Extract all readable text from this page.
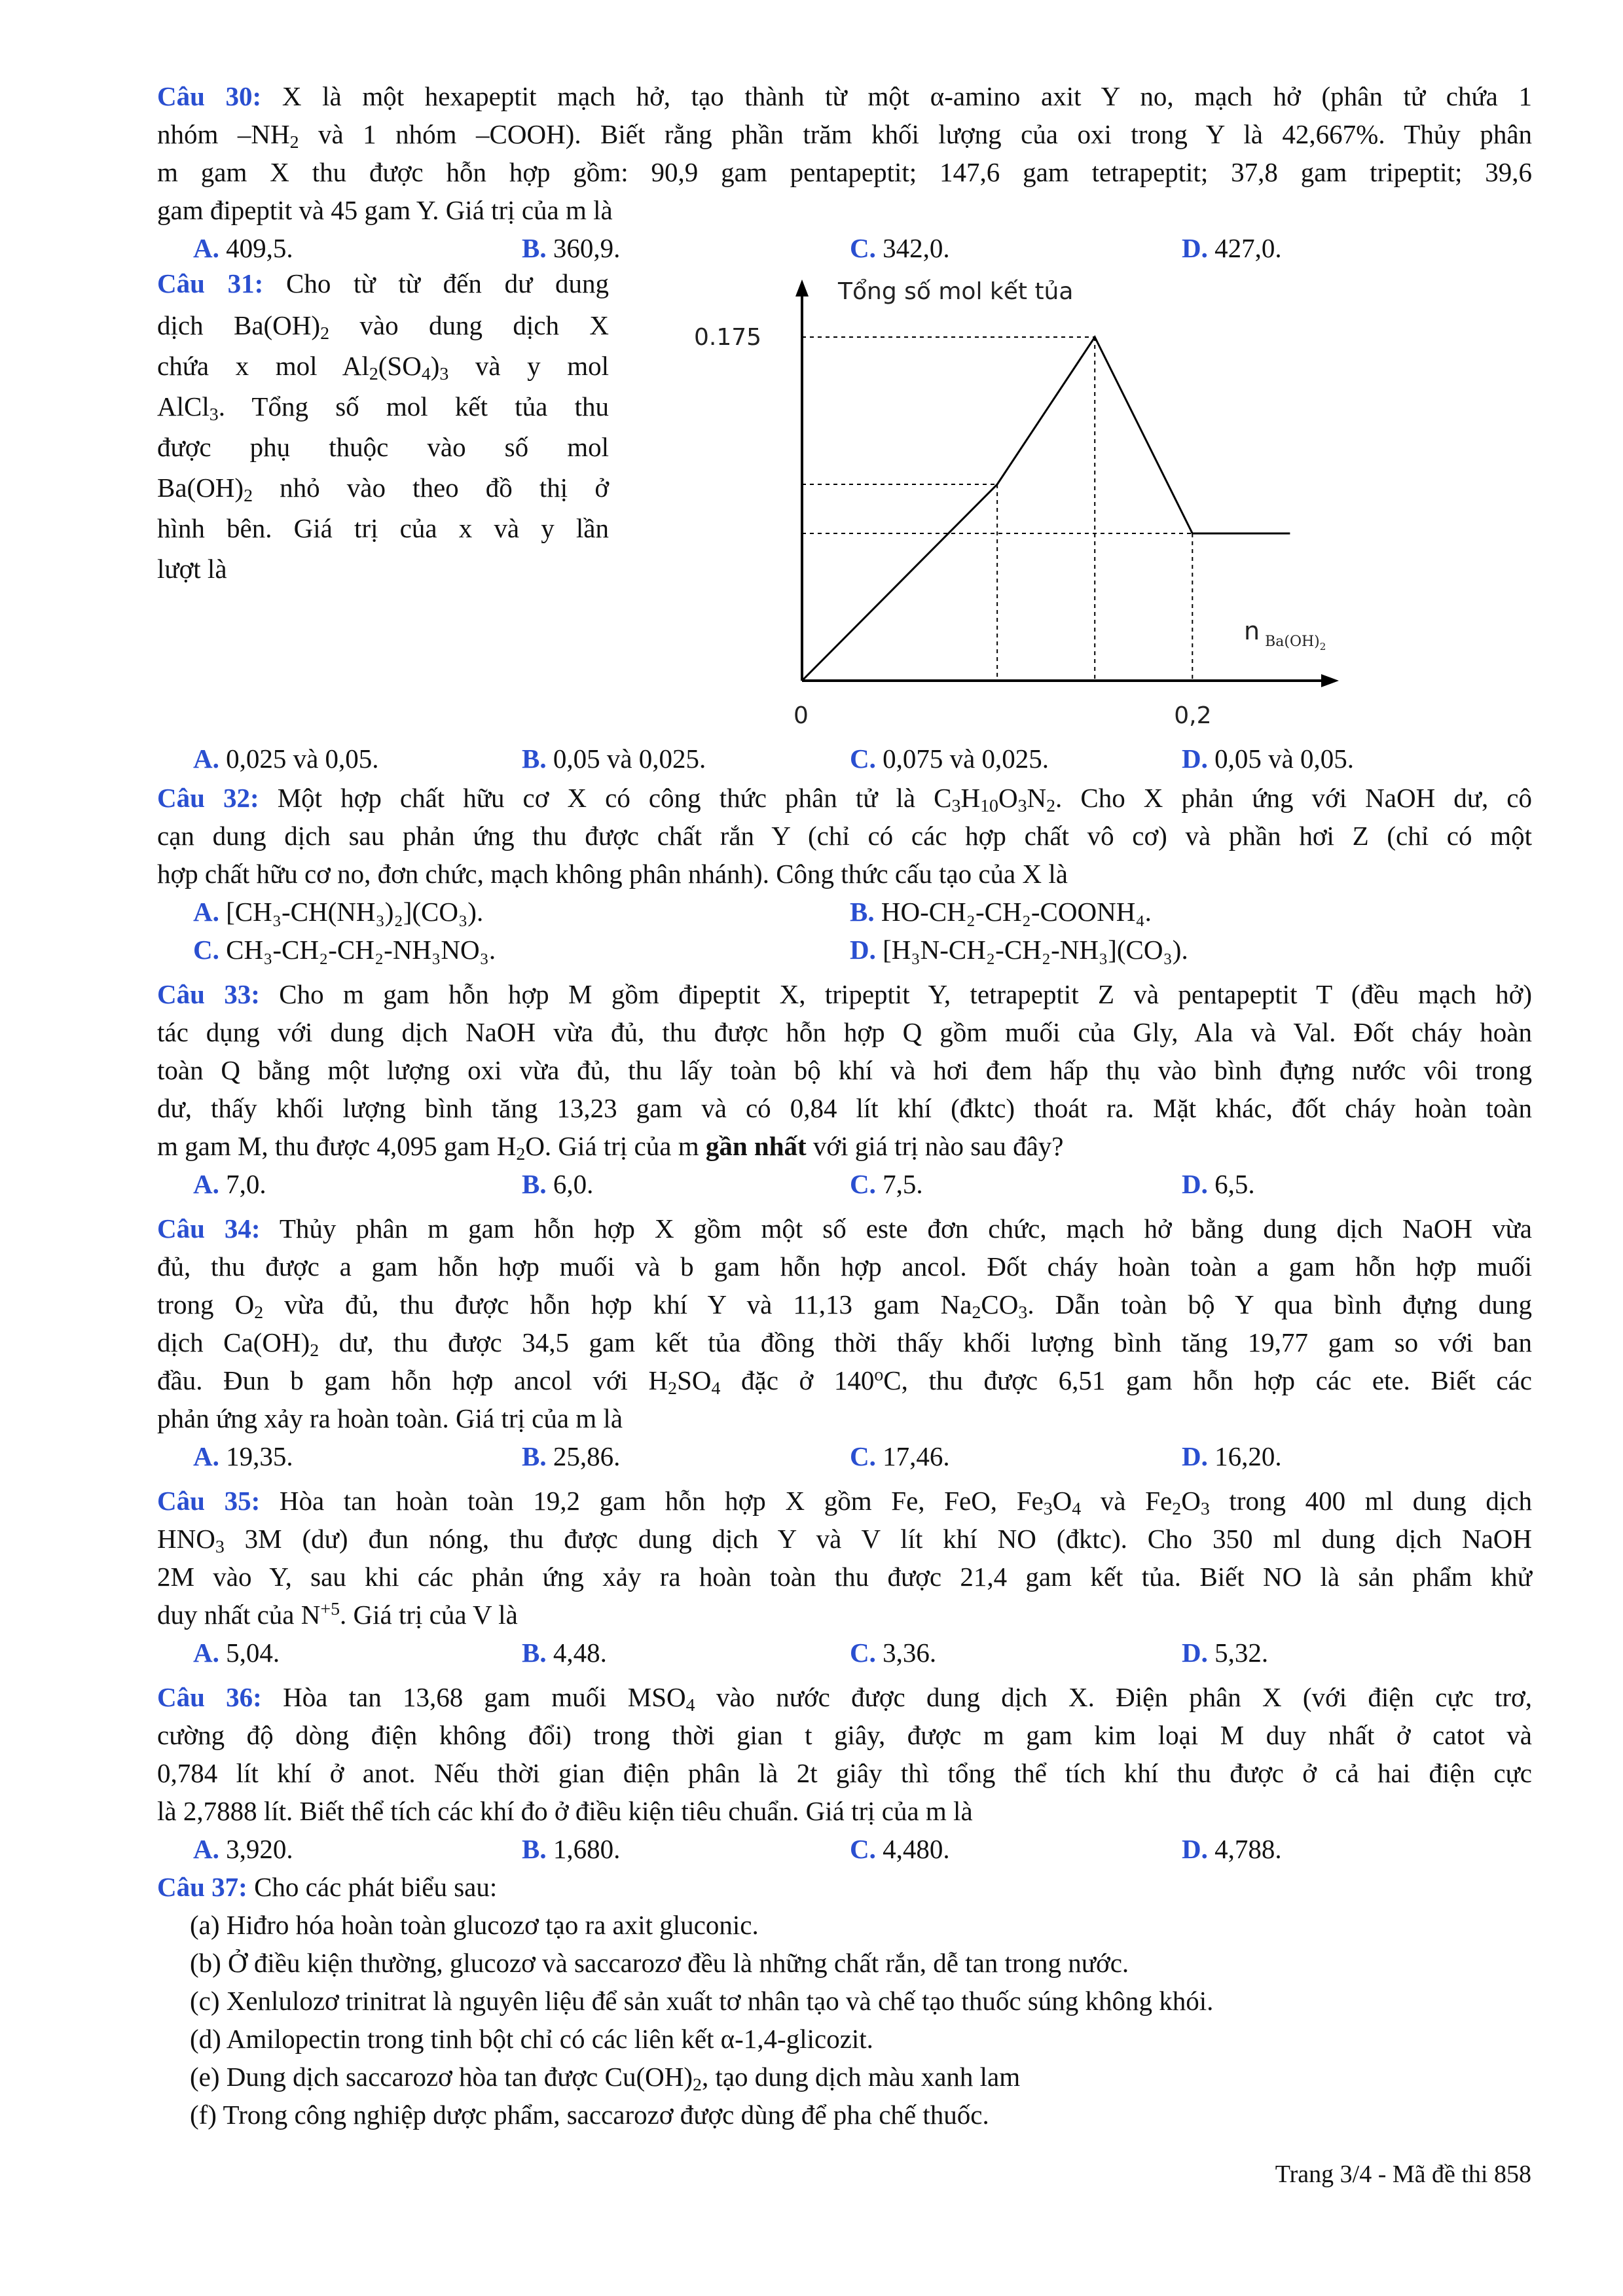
Câu 30: X là một hexapeptit mạch hở, tạo thành từ một α-amino axit Y no, mạch hở (phân tử chứa 1
nhóm $-NH_2$ và 1 nhóm –COOH). Biết rằng phần trăm khối lượng của oxi trong Y là 42,667%. Thủy phân
m gam X thu được hỗn hợp gồm: 90,9 gam pentapeptit; 147,6 gam tetrapeptit; 37,8 gam tripeptit; 39,6
gam đipeptit và 45 gam Y. Giá trị của m là
A. 409,5.	B. 360,9.	C. 342,0.	D. 427,0.
Câu 31: Cho từ từ đến dư dung
dịch $Ba(OH)_2$ vào dung dịch X
chứa x mol $Al_2(SO_4)_3$ và y mol
AlCl$_3$. Tổng số mol kết tủa thu
được phụ thuộc vào số mol
$Ba(OH)_2$ nhỏ vào theo đồ thị ở
hình bên. Giá trị của x và y lần
lượt là
Tổng số mol kết tủa
0.175
0	0,2
n $_{Ba(OH)}$2
A. 0,025 và 0,05.	B. 0,05 và 0,025.	C. 0,075 và 0,025.	D. 0,05 và 0,05.
Câu 32: Một hợp chất hữu cơ X có công thức phân tử là $C_3H_{10}O_3N_2$. Cho X phản ứng với NaOH dư, cô
cạn dung dịch sau phản ứng thu được chất rắn Y (chỉ có các hợp chất vô cơ) và phần hơi Z (chỉ có một
hợp chất hữu cơ no, đơn chức, mạch không phân nhánh). Công thức cấu tạo của X là
A. [CH₃-CH(NH₃)₂](CO₃).	B. HO-CH₂-CH₂-COONH₄.
C. CH₃-CH₂-CH₂-NH₃NO₃.	D. [H₃N-CH₂-CH₂-NH₃](CO₃).
Câu 33: Cho m gam hỗn hợp M gồm đipeptit X, tripeptit Y, tetrapeptit Z và pentapeptit T (đều mạch hở)
tác dụng với dung dịch NaOH vừa đủ, thu được hỗn hợp Q gồm muối của Gly, Ala và Val. Đốt cháy hoàn
toàn Q bằng một lượng oxi vừa đủ, thu lấy toàn bộ khí và hơi đem hấp thụ vào bình đựng nước vôi trong
dư, thấy khối lượng bình tăng 13,23 gam và có 0,84 lít khí (đktc) thoát ra. Mặt khác, đốt cháy hoàn toàn
m gam M, thu được 4,095 gam $H_2O$. Giá trị của m gần nhất với giá trị nào sau đây?
A. 7,0.	B. 6,0.	C. 7,5.	D. 6,5.
Câu 34: Thủy phân m gam hỗn hợp X gồm một số este đơn chức, mạch hở bằng dung dịch NaOH vừa
đủ, thu được a gam hỗn hợp muối và b gam hỗn hợp ancol. Đốt cháy hoàn toàn a gam hỗn hợp muối
trong $O_2$ vừa đủ, thu được hỗn hợp khí Y và 11,13 gam $Na_2CO_3$. Dẫn toàn bộ Y qua bình đựng dung
dịch $Ca(OH)_2$ dư, thu được 34,5 gam kết tủa đồng thời thấy khối lượng bình tăng 19,77 gam so với ban
đầu. Đun b gam hỗn hợp ancol với $H_2SO_4$ đặc ở 140$^o$C, thu được 6,51 gam hỗn hợp các ete. Biết các
phản ứng xảy ra hoàn toàn. Giá trị của m là
A. 19,35.	B. 25,86.	C. 17,46.	D. 16,20.
Câu 35: Hòa tan hoàn toàn 19,2 gam hỗn hợp X gồm Fe, FeO, $Fe_3O_4$ và $Fe_2O_3$ trong 400 ml dung dịch
$HNO_3$ 3M (dư) đun nóng, thu được dung dịch Y và V lít khí NO (đktc). Cho 350 ml dung dịch NaOH
2M vào Y, sau khi các phản ứng xảy ra hoàn toàn thu được 21,4 gam kết tủa. Biết NO là sản phẩm khử
duy nhất của $N^{+5}$. Giá trị của V là
A. 5,04.	B. 4,48.	C. 3,36.	D. 5,32.
Câu 36: Hòa tan 13,68 gam muối $MSO_4$ vào nước được dung dịch X. Điện phân X (với điện cực trơ,
cường độ dòng điện không đổi) trong thời gian t giây, được m gam kim loại M duy nhất ở catot và
0,784 lít khí ở anot. Nếu thời gian điện phân là 2t giây thì tổng thể tích khí thu được ở cả hai điện cực
là 2,7888 lít. Biết thể tích các khí đo ở điều kiện tiêu chuẩn. Giá trị của m là
A. 3,920.	B. 1,680.	C. 4,480.	D. 4,788.
Câu 37: Cho các phát biểu sau:
(a) Hiđro hóa hoàn toàn glucozơ tạo ra axit gluconic.
(b) Ở điều kiện thường, glucozơ và saccarozơ đều là những chất rắn, dễ tan trong nước.
(c) Xenlulozơ trinitrat là nguyên liệu để sản xuất tơ nhân tạo và chế tạo thuốc súng không khói.
(d) Amilopectin trong tinh bột chỉ có các liên kết α-1,4-glicozit.
(e) Dung dịch saccarozơ hòa tan được $Cu(OH)_2$, tạo dung dịch màu xanh lam
(f) Trong công nghiệp dược phẩm, saccarozơ được dùng để pha chế thuốc.
Trang 3/4 - Mã đề thi 858
